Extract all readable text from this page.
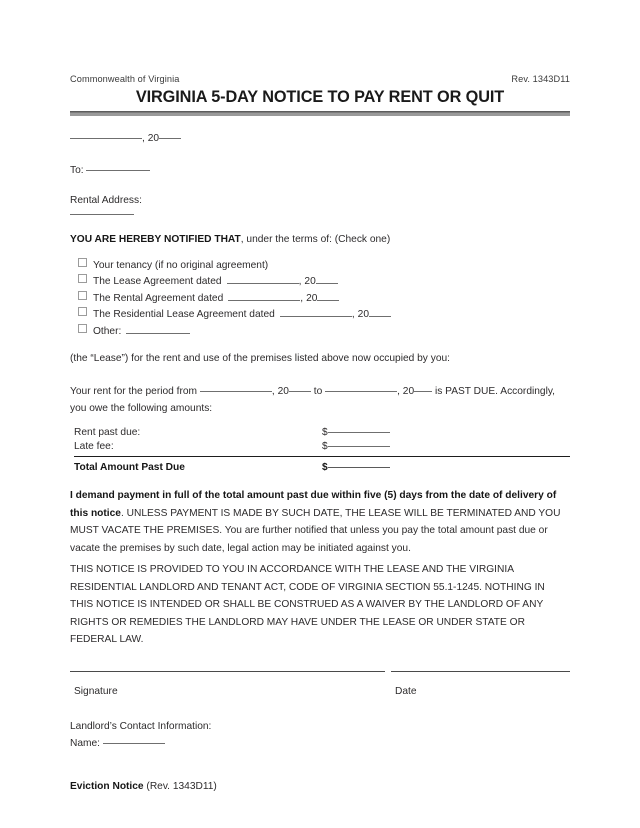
Commonwealth of Virginia	Rev. 1343D11
VIRGINIA 5-DAY NOTICE TO PAY RENT OR QUIT
, 20
To:
Rental Address:
YOU ARE HEREBY NOTIFIED THAT, under the terms of: (Check one)
Your tenancy (if no original agreement)
The Lease Agreement dated	, 20
The Rental Agreement dated	, 20
The Residential Lease Agreement dated	, 20
Other:
(the “Lease”) for the rent and use of the premises listed above now occupied by you:
Your rent for the period from	, 20 to	, 20 is PAST DUE. Accordingly, you owe the following amounts:
Rent past due:	$
Late fee:	$
Total Amount Past Due	$
I demand payment in full of the total amount past due within five (5) days from the date of delivery of this notice. UNLESS PAYMENT IS MADE BY SUCH DATE, THE LEASE WILL BE TERMINATED AND YOU MUST VACATE THE PREMISES. You are further notified that unless you pay the total amount past due or vacate the premises by such date, legal action may be initiated against you.
THIS NOTICE IS PROVIDED TO YOU IN ACCORDANCE WITH THE LEASE AND THE VIRGINIA RESIDENTIAL LANDLORD AND TENANT ACT, CODE OF VIRGINIA SECTION 55.1-1245. NOTHING IN THIS NOTICE IS INTENDED OR SHALL BE CONSTRUED AS A WAIVER BY THE LANDLORD OF ANY RIGHTS OR REMEDIES THE LANDLORD MAY HAVE UNDER THE LEASE OR UNDER STATE OR FEDERAL LAW.
Signature	Date
Landlord’s Contact Information:
Name:
Eviction Notice (Rev. 1343D11)
